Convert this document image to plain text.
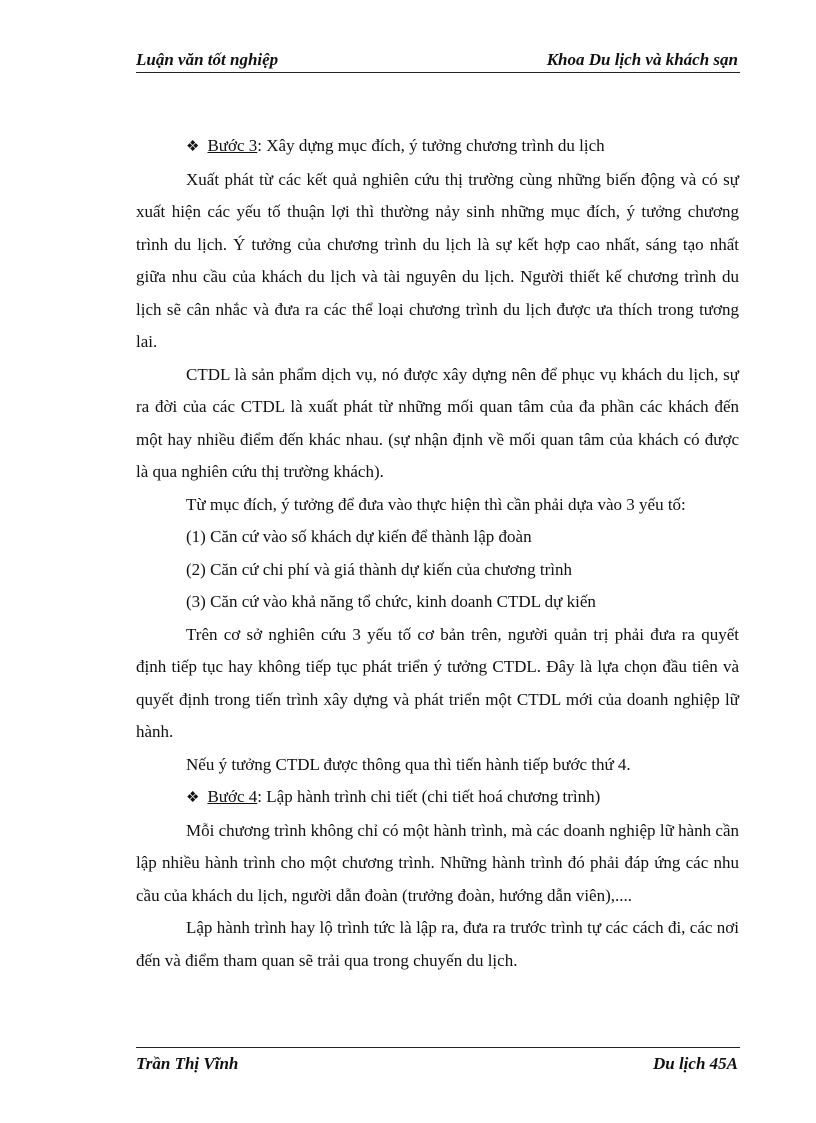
Luận văn tốt nghiệp	Khoa Du lịch và khách sạn

❖ Bước 3: Xây dựng mục đích, ý tưởng chương trình du lịch

Xuất phát từ các kết quả nghiên cứu thị trường cùng những biến động và có sự xuất hiện các yếu tố thuận lợi thì thường nảy sinh những mục đích, ý tưởng chương trình du lịch. Ý tưởng của chương trình du lịch là sự kết hợp cao nhất, sáng tạo nhất giữa nhu cầu của khách du lịch và tài nguyên du lịch. Người thiết kế chương trình du lịch sẽ cân nhắc và đưa ra các thể loại chương trình du lịch được ưa thích trong tương lai.

CTDL là sản phẩm dịch vụ, nó được xây dựng nên để phục vụ khách du lịch, sự ra đời của các CTDL là xuất phát từ những mối quan tâm của đa phần các khách đến một hay nhiều điểm đến khác nhau. (sự nhận định về mối quan tâm của khách có được là qua nghiên cứu thị trường khách).

Từ mục đích, ý tưởng để đưa vào thực hiện thì cần phải dựa vào 3 yếu tố:

(1) Căn cứ vào số khách dự kiến để thành lập đoàn

(2) Căn cứ chi phí và giá thành dự kiến của chương trình

(3) Căn cứ vào khả năng tổ chức, kinh doanh CTDL dự kiến

Trên cơ sở nghiên cứu 3 yếu tố cơ bản trên, người quản trị phải đưa ra quyết định tiếp tục hay không tiếp tục phát triển ý tưởng CTDL. Đây là lựa chọn đầu tiên và quyết định trong tiến trình xây dựng và phát triển một CTDL mới của doanh nghiệp lữ hành.

Nếu ý tưởng CTDL được thông qua thì tiến hành tiếp bước thứ 4.

❖ Bước 4: Lập hành trình chi tiết (chi tiết hoá chương trình)

Mỗi chương trình không chỉ có một hành trình, mà các doanh nghiệp lữ hành cần lập nhiều hành trình cho một chương trình. Những hành trình đó phải đáp ứng các nhu cầu của khách du lịch, người dẫn đoàn (trưởng đoàn, hướng dẫn viên),....

Lập hành trình hay lộ trình tức là lập ra, đưa ra trước trình tự các cách đi, các nơi đến và điểm tham quan sẽ trải qua trong chuyến du lịch.

Trần Thị Vĩnh	Du lịch 45A
